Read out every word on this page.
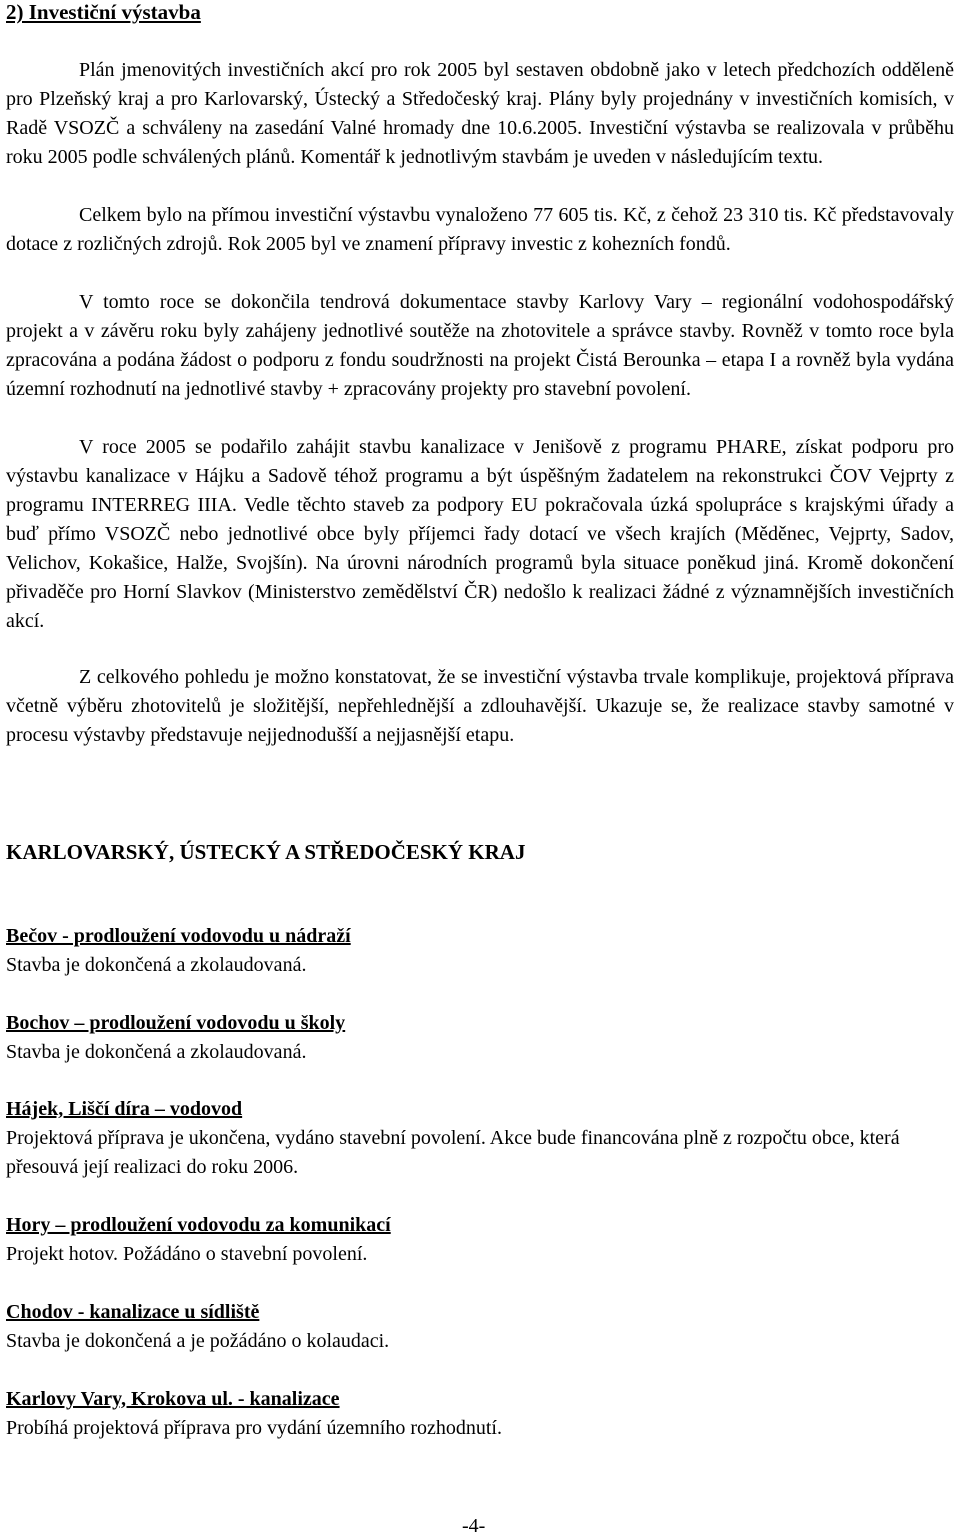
2) Investiční výstavba

Plán jmenovitých investičních akcí pro rok 2005 byl sestaven obdobně jako v letech předchozích odděleně pro Plzeňský kraj a pro Karlovarský, Ústecký a Středočeský kraj. Plány byly projednány v investičních komisích, v Radě VSOZČ a schváleny na zasedání Valné hromady dne 10.6.2005. Investiční výstavba se realizovala v průběhu roku 2005 podle schválených plánů. Komentář k jednotlivým stavbám je uveden v následujícím textu.

Celkem bylo na přímou investiční výstavbu vynaloženo 77 605 tis. Kč, z čehož 23 310 tis. Kč představovaly dotace z rozličných zdrojů. Rok 2005 byl ve znamení přípravy investic z kohezních fondů.

V tomto roce se dokončila tendrová dokumentace stavby Karlovy Vary – regionální vodohospodářský projekt a v závěru roku byly zahájeny jednotlivé soutěže na zhotovitele a správce stavby. Rovněž v tomto roce byla zpracována a podána žádost o podporu z fondu soudržnosti na projekt Čistá Berounka – etapa I a rovněž byla vydána územní rozhodnutí na jednotlivé stavby + zpracovány projekty pro stavební povolení.

V roce 2005 se podařilo zahájit stavbu kanalizace v Jenišově z programu PHARE, získat podporu pro výstavbu kanalizace v Hájku a Sadově téhož programu a být úspěšným žadatelem na rekonstrukci ČOV Vejprty z programu INTERREG IIIA. Vedle těchto staveb za podpory EU pokračovala úzká spolupráce s krajskými úřady a buď přímo VSOZČ nebo jednotlivé obce byly příjemci řady dotací ve všech krajích (Měděnec, Vejprty, Sadov, Velichov, Kokašice, Halže, Svojšín). Na úrovni národních programů byla situace poněkud jiná. Kromě dokončení přivaděče pro Horní Slavkov (Ministerstvo zemědělství ČR) nedošlo k realizaci žádné z významnějších investičních akcí.

Z celkového pohledu je možno konstatovat, že se investiční výstavba trvale komplikuje, projektová příprava včetně výběru zhotovitelů je složitější, nepřehlednější a zdlouhavější. Ukazuje se, že realizace stavby samotné v procesu výstavby představuje nejjednodušší a nejjasnější etapu.

KARLOVARSKÝ, ÚSTECKÝ A STŘEDOČESKÝ KRAJ
Bečov - prodloužení vodovodu u nádraží
Stavba je dokončená a zkolaudovaná.
Bochov – prodloužení vodovodu u školy
Stavba je dokončená a zkolaudovaná.
Hájek, Liščí díra – vodovod
Projektová příprava je ukončena, vydáno stavební povolení. Akce bude financována plně z rozpočtu obce, která přesouvá její realizaci do roku 2006.
Hory – prodloužení vodovodu za komunikací
Projekt hotov. Požádáno o stavební povolení.
Chodov - kanalizace u sídliště
Stavba je dokončená a je požádáno o kolaudaci.
Karlovy Vary, Krokova ul. - kanalizace
Probíhá projektová příprava pro vydání územního rozhodnutí.
-4-
